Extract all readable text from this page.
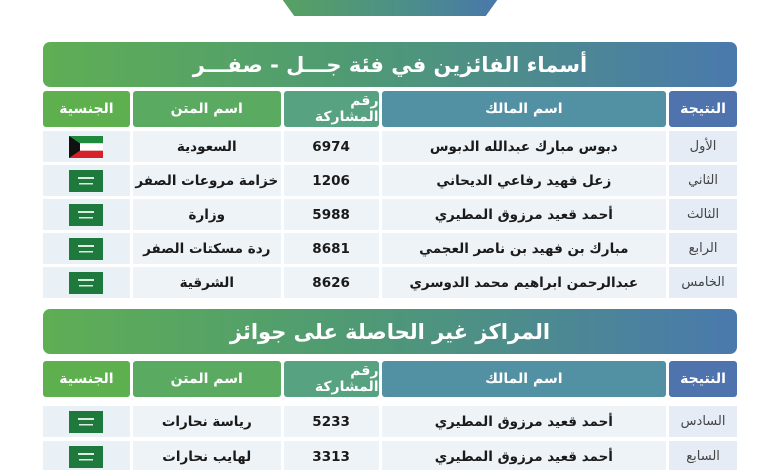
أسماء الفائزين في فئة جـــل - صفـــر
النتيجة
اسم المالك
رقم المشاركة
اسم المتن
الجنسية
الأول
دبوس مبارك عبدالله الدبوس
6974
السعودية
الثاني
زعل فهيد رفاعي الديحاني
1206
خزامة مروعات الصفر
الثالث
أحمد قعيد مرزوق المطيري
5988
وزارة
الرابع
مبارك بن فهيد بن ناصر العجمي
8681
ردة مسكتات الصفر
الخامس
عبدالرحمن ابراهيم محمد الدوسري
8626
الشرقية
المراكز غير الحاصلة على جوائز
النتيجة
اسم المالك
رقم المشاركة
اسم المتن
الجنسية
السادس
أحمد قعيد مرزوق المطيري
5233
رياسة نحارات
السابع
أحمد قعيد مرزوق المطيري
3313
لهايب نحارات
